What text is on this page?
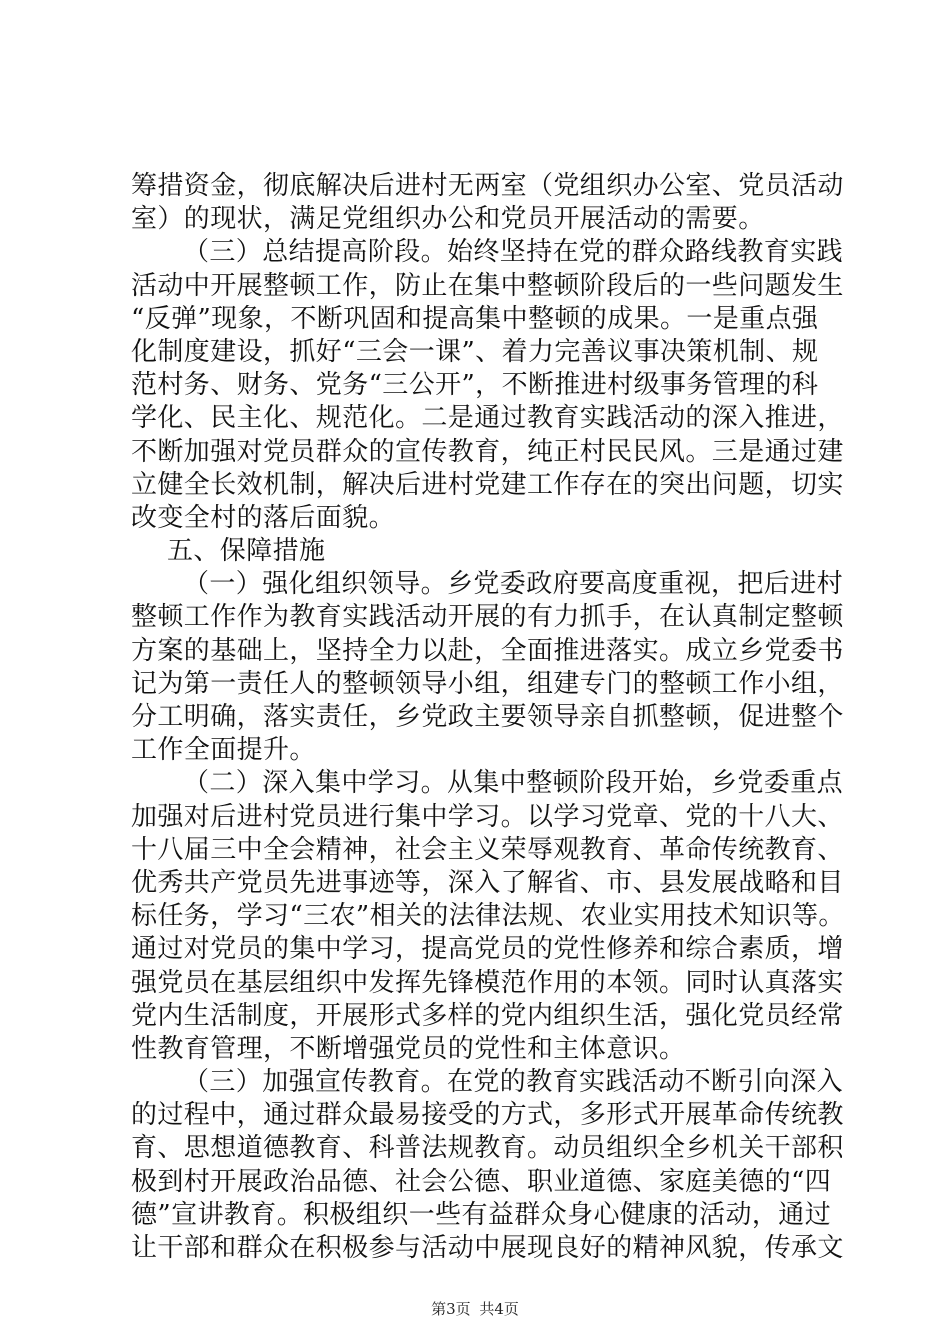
筹措资金，彻底解决后进村无两室（党组织办公室、党员活动
室）的现状，满足党组织办公和党员开展活动的需要。
（三）总结提高阶段。始终坚持在党的群众路线教育实践
活动中开展整顿工作，防止在集中整顿阶段后的一些问题发生
“反弹”现象，不断巩固和提高集中整顿的成果。一是重点强
化制度建设，抓好“三会一课”、着力完善议事决策机制、规
范村务、财务、党务“三公开”，不断推进村级事务管理的科
学化、民主化、规范化。二是通过教育实践活动的深入推进，
不断加强对党员群众的宣传教育，纯正村民民风。三是通过建
立健全长效机制，解决后进村党建工作存在的突出问题，切实
改变全村的落后面貌。
五、保障措施
（一）强化组织领导。乡党委政府要高度重视，把后进村
整顿工作作为教育实践活动开展的有力抓手，在认真制定整顿
方案的基础上，坚持全力以赴，全面推进落实。成立乡党委书
记为第一责任人的整顿领导小组，组建专门的整顿工作小组，
分工明确，落实责任，乡党政主要领导亲自抓整顿，促进整个
工作全面提升。
（二）深入集中学习。从集中整顿阶段开始，乡党委重点
加强对后进村党员进行集中学习。以学习党章、党的十八大、
十八届三中全会精神，社会主义荣辱观教育、革命传统教育、
优秀共产党员先进事迹等，深入了解省、市、县发展战略和目
标任务，学习“三农”相关的法律法规、农业实用技术知识等。
通过对党员的集中学习，提高党员的党性修养和综合素质，增
强党员在基层组织中发挥先锋模范作用的本领。同时认真落实
党内生活制度，开展形式多样的党内组织生活，强化党员经常
性教育管理，不断增强党员的党性和主体意识。
（三）加强宣传教育。在党的教育实践活动不断引向深入
的过程中，通过群众最易接受的方式，多形式开展革命传统教
育、思想道德教育、科普法规教育。动员组织全乡机关干部积
极到村开展政治品德、社会公德、职业道德、家庭美德的“四
德”宣讲教育。积极组织一些有益群众身心健康的活动，通过
让干部和群众在积极参与活动中展现良好的精神风貌，传承文
第3页 共4页
